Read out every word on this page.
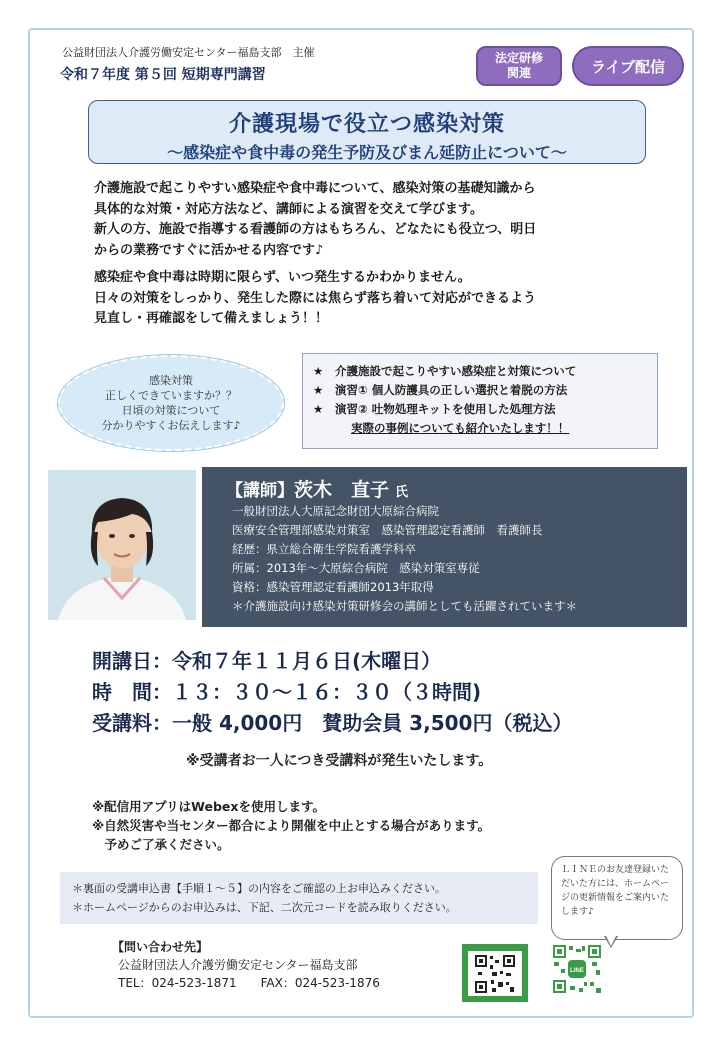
公益財団法人介護労働安定センター福島支部　主催
令和７年度 第５回 短期専門講習
法定研修関連	ライブ配信
介護現場で役立つ感染対策
～感染症や食中毒の発生予防及びまん延防止について～

介護施設で起こりやすい感染症や食中毒について、感染対策の基礎知識から

具体的な対策・対応方法など、講師による演習を交えて学びます。

新人の方、施設で指導する看護師の方はもちろん、どなたにも役立つ、明日

からの業務ですぐに活かせる内容です♪

感染症や食中毒は時期に限らず、いつ発生するかわかりません。

日々の対策をしっかり、発生した際には焦らず落ち着いて対応ができるよう

見直し・再確認をして備えましょう！！

感染対策
正しくできていますか？？
日頃の対策について
分かりやすくお伝えします♪
★ 介護施設で起こりやすい感染症と対策について
★ 演習① 個人防護具の正しい選択と着脱の方法
★ 演習② 吐物処理キットを使用した処理方法
実際の事例についても紹介いたします！！
【講師】茨木　直子 氏
一般財団法人大原記念財団大原綜合病院
医療安全管理部感染対策室　感染管理認定看護師　看護師長
経歴：県立総合衛生学院看護学科卒
所属：2013年～大原綜合病院　感染対策室専従
資格：感染管理認定看護師2013年取得
＊介護施設向け感染対策研修会の講師としても活躍されています＊
開講日：令和７年１１月６日(木曜日）
時　間：１３：３０～１６：３０（３時間)
受講料：一般 4,000円　賛助会員 3,500円（税込）
※受講者お一人につき受講料が発生いたします。
※配信用アプリはWebexを使用します。
※自然災害や当センター都合により開催を中止とする場合があります。
　予めご了承ください。
＊裏面の受講申込書【手順１～５】の内容をご確認の上お申込みください。
＊ホームページからのお申込みは、下記、二次元コードを読み取りください。
ＬＩＮＥのお友達登録いただいた方には、ホームページの更新情報をご案内いたします♪
【問い合わせ先】
公益財団法人介護労働安定センター福島支部
TEL：024-523-1871　　FAX：024-523-1876
LINE
